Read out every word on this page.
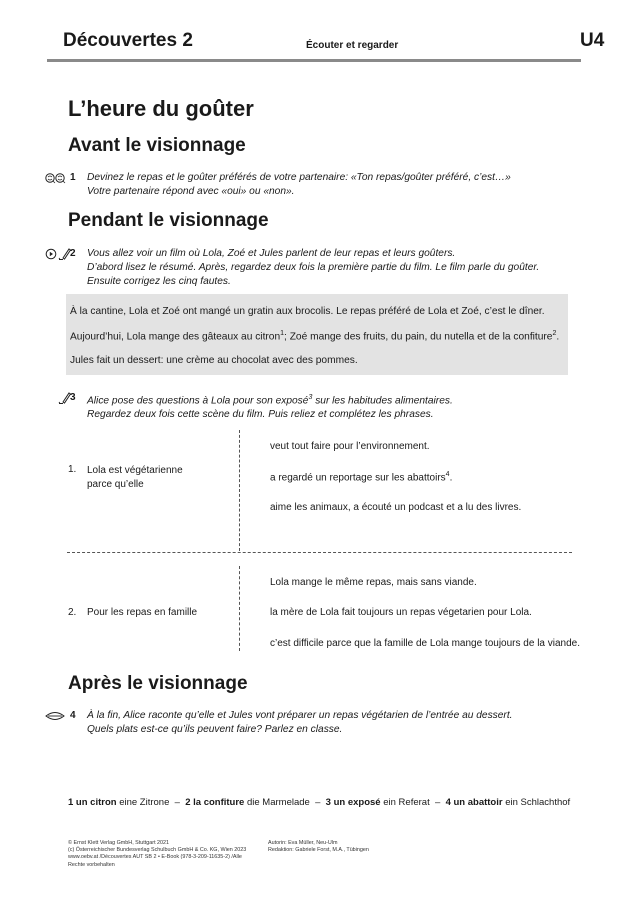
Découvertes 2	Écouter et regarder	U4
L’heure du goûter
Avant le visionnage
1 Devinez le repas et le goûter préférés de votre partenaire: «Ton repas/goûter préféré, c’est…»
Votre partenaire répond avec «oui» ou «non».
Pendant le visionnage
2 Vous allez voir un film où Lola, Zoé et Jules parlent de leur repas et leurs goûters.
D’abord lisez le résumé. Après, regardez deux fois la première partie du film. Le film parle du goûter.
Ensuite corrigez les cinq fautes.
À la cantine, Lola et Zoé ont mangé un gratin aux brocolis. Le repas préféré de Lola et Zoé, c’est le dîner.
Aujourd’hui, Lola mange des gâteaux au citron$^1$; Zoé mange des fruits, du pain, du nutella et de la confiture$^2$.
Jules fait un dessert: une crème au chocolat avec des pommes.
3 Alice pose des questions à Lola pour son exposé$^3$ sur les habitudes alimentaires.
Regardez deux fois cette scène du film. Puis reliez et complétez les phrases.
1. Lola est végétarienne
parce qu’elle
veut tout faire pour l’environnement.
a regardé un reportage sur les abattoirs$^4$.
aime les animaux, a écouté un podcast et a lu des livres.
2. Pour les repas en famille
Lola mange le même repas, mais sans viande.
la mère de Lola fait toujours un repas végetarien pour Lola.
c’est difficile parce que la famille de Lola mange toujours de la viande.
Après le visionnage
4 À la fin, Alice raconte qu’elle et Jules vont préparer un repas végétarien de l’entrée au dessert.
Quels plats est-ce qu’ils peuvent faire? Parlez en classe.
1 un citron eine Zitrone  –  2 la confiture die Marmelade  –  3 un exposé ein Referat  –  4 un abattoir ein Schlachthof
© Ernst Klett Verlag GmbH, Stuttgart 2021
(c) Österreichischer Bundesverlag Schulbuch GmbH & Co. KG, Wien 2023
www.oebv.at /Découvertes AUT SB 2 • E-Book (978-3-209-11635-2) /Alle
Rechte vorbehalten
Autorin: Eva Müller, Neu-Ulm
Redaktion: Gabriele Forst, M.A., Tübingen
